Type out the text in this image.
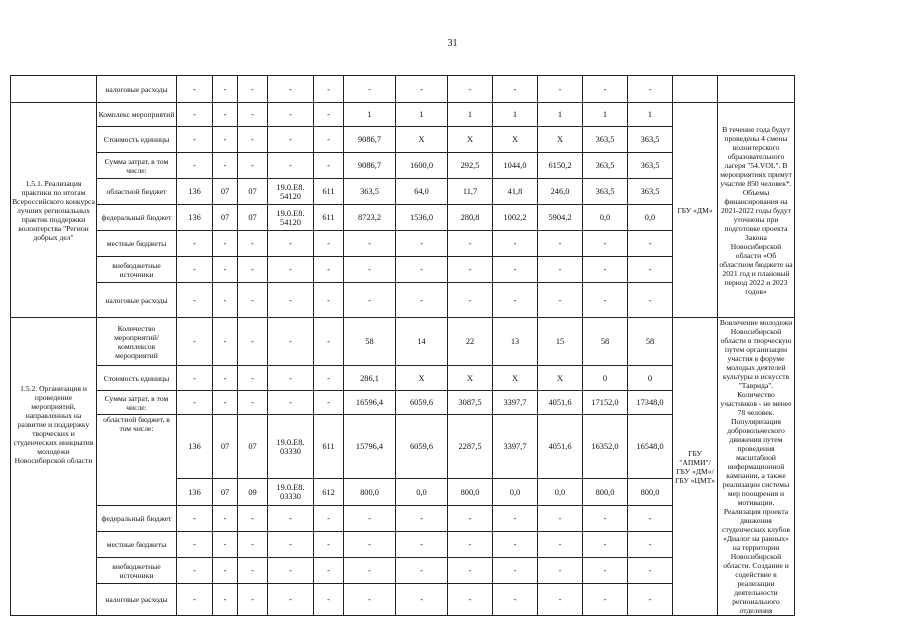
31
	налоговые расходы	-	-	-	-	-	-	-	-	-	-	-	-		
1.5.1. Реализация практики по итогам Всероссийского конкурса лучших региональных практик поддержки волонтерства "Регион добрых дел"	Комплекс мероприятий	-	-	-	-	-	1	1	1	1	1	1	1	ГБУ «ДМ»	В течение года будут проведены 4 смены волонтерского образовательного лагеря "54.VOL". В мероприятиях примут участие 850 человек*. Объемы финансирования на 2021-2022 годы будут уточнены при подготовке проекта Закона Новосибирской области «Об областном бюджете на 2021 год и плановый период 2022 и 2023 годов»
	Стоимость единицы	-	-	-	-	-	9086,7	X	X	X	X	363,5	363,5		
	Сумма затрат, в том числе:	-	-	-	-	-	9086,7	1600,0	292,5	1044,0	6150,2	363,5	363,5		
	областной бюджет	136	07	07	19.0.E8. 54120	611	363,5	64,0	11,7	41,8	246,0	363,5	363,5		
	федеральный бюджет	136	07	07	19.0.E8. 54120	611	8723,2	1536,0	280,8	1002,2	5904,2	0,0	0,0		
	местные бюджеты	-	-	-	-	-	-	-	-	-	-	-	-		
	внебюджетные источники	-	-	-	-	-	-	-	-	-	-	-	-		
	налоговые расходы	-	-	-	-	-	-	-	-	-	-	-	-		
1.5.2. Организация и проведение мероприятий, направленных на развитие и поддержку творческих и студенческих инициатив молодежи Новосибирской области	Количество мероприятий/комплексов мероприятий	-	-	-	-	-	58	14	22	13	15	58	58	ГБУ "АПМИ"/ГБУ «ДМ»/ГБУ «ЦМТ»	Вовлечение молодежи Новосибирской области в творческую путем организации участия в форуме молодых деятелей культуры и искусств "Таврида". Количество участников - не менее 78 человек. Популяризация добровольческого движения путем проведения масштабной информационной кампании, а также реализации системы мер поощрения и мотивации. Реализация проекта движения студенческих клубов «Диалог на равных» на территории Новосибирской области. Создание и содействие в реализации деятельности регионального отделения
	Стоимость единицы	-	-	-	-	-	286,1	X	X	X	X	0	0		
	Сумма затрат, в том числе:	-	-	-	-	-	16596,4	6059,6	3087,5	3397,7	4051,6	17152,0	17348,0		
	областной бюджет, в том числе:	136	07	07	19.0.E8. 03330	611	15796,4	6059,6	2287,5	3397,7	4051,6	16352,0	16548,0		
		136	07	09	19.0.E8. 03330	612	800,0	0,0	800,0	0,0	0,0	800,0	800,0		
	федеральный бюджет	-	-	-	-	-	-	-	-	-	-	-	-		
	местные бюджеты	-	-	-	-	-	-	-	-	-	-	-	-		
	внебюджетные источники	-	-	-	-	-	-	-	-	-	-	-	-		
	налоговые расходы	-	-	-	-	-	-	-	-	-	-	-	-		
